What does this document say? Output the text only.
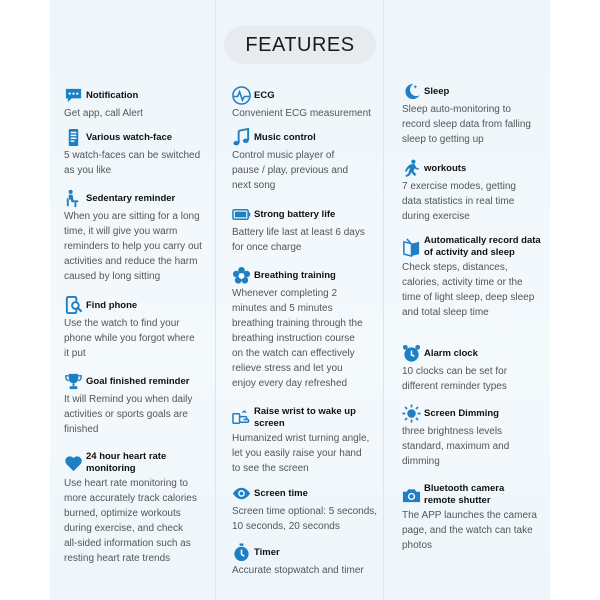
FEATURES
Notification
Get app, call Alert
Various watch-face
5 watch-faces can be switched
as you like
Sedentary reminder
When you are sitting for a long
time, it will give you warm
reminders to help you carry out
activities and reduce the harm
caused by long sitting
Find phone
Use the watch to find your
phone while you forgot where
it put
Goal finished reminder
It will Remind you when daily
activities or sports goals are
finished
24 hour heart rate monitoring
Use heart rate monitoring to
more accurately track calories
burned, optimize workouts
during exercise, and check
all-sided information such as
resting heart rate trends
ECG
Convenient ECG measurement
Music control
Control music player of
pause / play, previous and
next song
Strong battery life
Battery life last at least 6 days
for once charge
Breathing training
Whenever completing 2
minutes and 5 minutes
breathing training through the
breathing instruction course
on the watch can effectively
relieve stress and let you
enjoy every day refreshed
Raise wrist to wake up screen
Humanized wrist turning angle,
let you easily raise your hand
to see the screen
Screen time
Screen time optional: 5 seconds,
10 seconds, 20 seconds
Timer
Accurate stopwatch and timer
Sleep
Sleep auto-monitoring to
record sleep data from falling
sleep to getting up
workouts
7 exercise modes, getting
data statistics in real time
during exercise
Automatically record data
of activity and sleep
Check steps, distances,
calories, activity time or the
time of light sleep, deep sleep
and total sleep time
Alarm clock
10 clocks can be set for
different reminder types
Screen Dimming
three brightness levels
standard, maximum and
dimming
Bluetooth camera
remote shutter
The APP launches the camera
page, and the watch can take
photos
